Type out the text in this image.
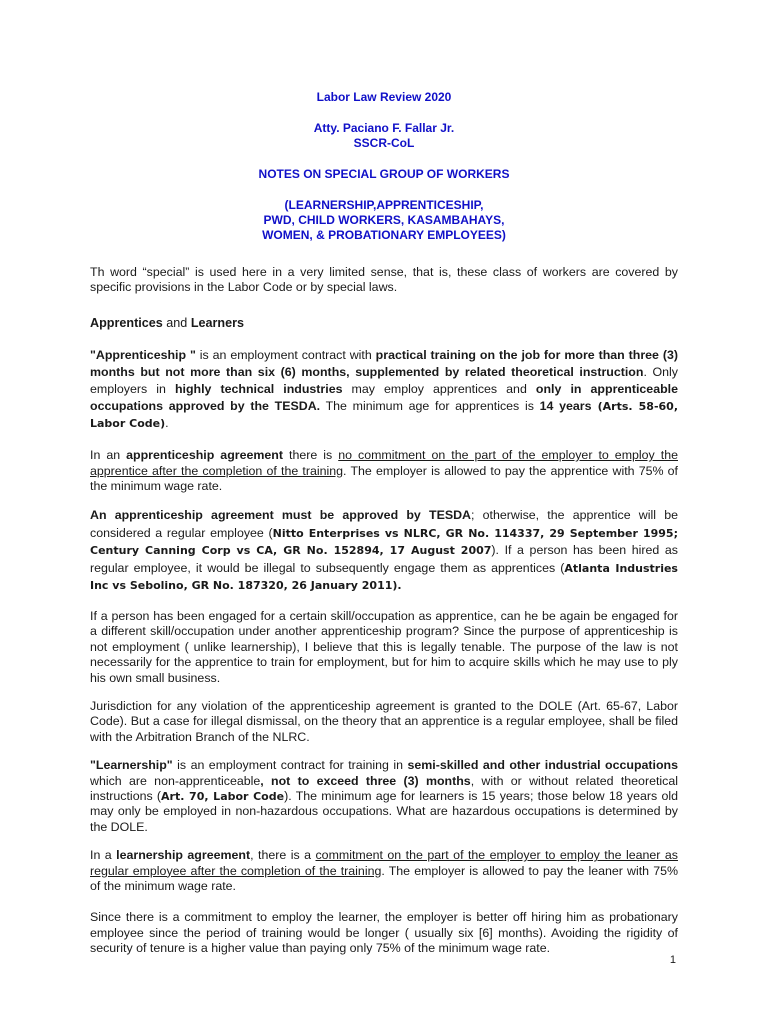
Labor Law Review 2020
Atty. Paciano F. Fallar Jr.
SSCR-CoL
NOTES ON SPECIAL GROUP OF WORKERS
(LEARNERSHIP,APPRENTICESHIP,
PWD, CHILD WORKERS, KASAMBAHAYS,
WOMEN, & PROBATIONARY EMPLOYEES)

Th word “special” is used here in a very limited sense, that is, these class of workers are covered by specific provisions in the Labor Code or by special laws.

Apprentices and Learners

"Apprenticeship " is an employment contract with practical training on the job for more than three (3) months but not more than six (6) months, supplemented by related theoretical instruction. Only employers in highly technical industries may employ apprentices and only in apprenticeable occupations approved by the TESDA. The minimum age for apprentices is 14 years (Arts. 58-60, Labor Code).

In an apprenticeship agreement there is no commitment on the part of the employer to employ the apprentice after the completion of the training. The employer is allowed to pay the apprentice with 75% of the minimum wage rate.

An apprenticeship agreement must be approved by TESDA; otherwise, the apprentice will be considered a regular employee (Nitto Enterprises vs NLRC, GR No. 114337, 29 September 1995; Century Canning Corp vs CA, GR No. 152894, 17 August 2007). If a person has been hired as regular employee, it would be illegal to subsequently engage them as apprentices (Atlanta Industries Inc vs Sebolino, GR No. 187320, 26 January 2011).

If a person has been engaged for a certain skill/occupation as apprentice, can he be again be engaged for a different skill/occupation under another apprenticeship program? Since the purpose of apprenticeship is not employment ( unlike learnership), I believe that this is legally tenable. The purpose of the law is not necessarily for the apprentice to train for employment, but for him to acquire skills which he may use to ply his own small business.

Jurisdiction for any violation of the apprenticeship agreement is granted to the DOLE (Art. 65-67, Labor Code). But a case for illegal dismissal, on the theory that an apprentice is a regular employee, shall be filed with the Arbitration Branch of the NLRC.

"Learnership" is an employment contract for training in semi-skilled and other industrial occupations which are non-apprenticeable, not to exceed three (3) months, with or without related theoretical instructions (Art. 70, Labor Code). The minimum age for learners is 15 years; those below 18 years old may only be employed in non-hazardous occupations. What are hazardous occupations is determined by the DOLE.

In a learnership agreement, there is a commitment on the part of the employer to employ the leaner as regular employee after the completion of the training. The employer is allowed to pay the leaner with 75% of the minimum wage rate.

Since there is a commitment to employ the learner, the employer is better off hiring him as probationary employee since the period of training would be longer ( usually six [6] months). Avoiding the rigidity of security of tenure is a higher value than paying only 75% of the minimum wage rate.

1
